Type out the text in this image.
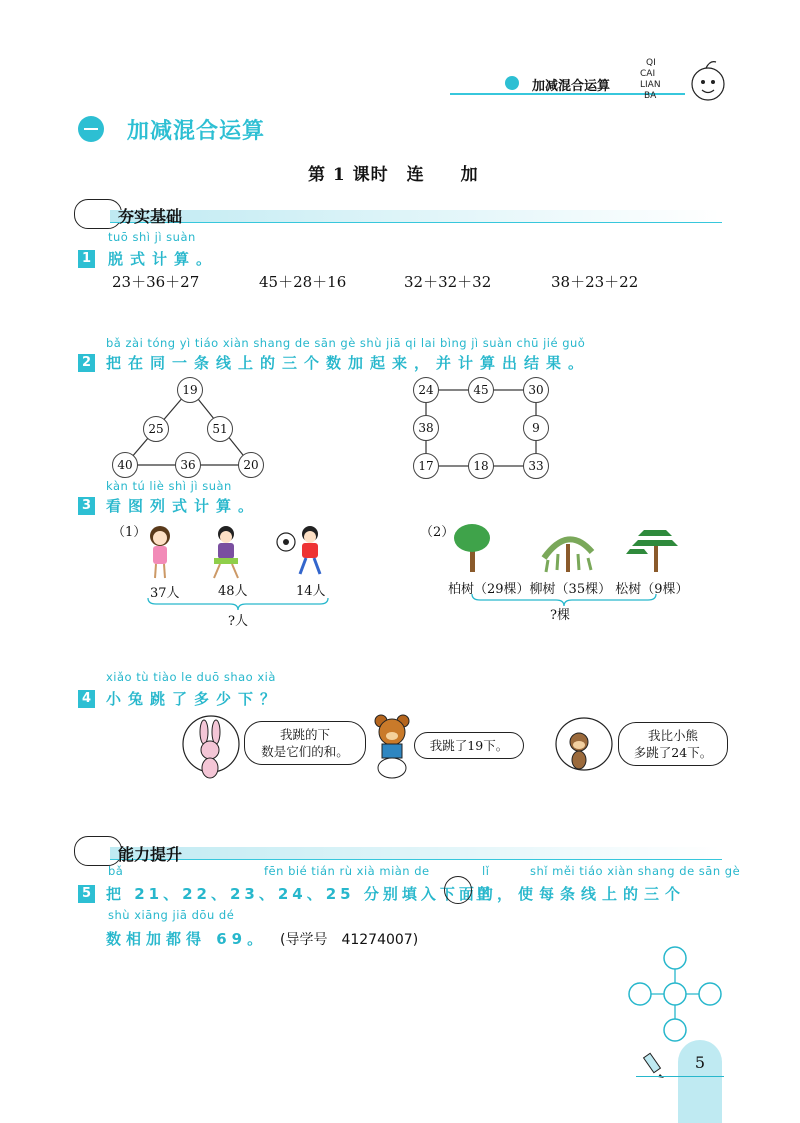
加减混合运算
QI
CAI
LIAN
BA
加减混合运算
第 1 课时　连　　加
夯实基础
tuō shì jì suàn
1 脱式计算。
23＋36＋27	45＋28＋16	32＋32＋32	38＋23＋22
bǎ zài tóng yì tiáo xiàn shang de sān gè shù jiā qi lai bìng jì suàn chū jié guǒ
2 把在同一条线上的三个数加起来，并计算出结果。
19
25	51
40	36	20
24	45	30
38	9
17	18	33
kàn tú liè shì jì suàn
3 看图列式计算。
（1）
37人	48人	14人
?人
（2）
柏树（29棵）柳树（35棵） 松树（9棵）
?棵
xiǎo tù tiào le duō shao xià
4 小兔跳了多少下？
我跳的下
数是它们的和。	我跳了19下。
我比小熊
多跳了24下。
能力提升
bǎ	fēn bié tián rù xià miàn de	lǐ	shǐ měi tiáo xiàn shang de sān gè
5 把 21、22、23、24、25 分别填入下面的
里，使每条线上的三个
shù xiāng jiā dōu dé
数相加都得 69。 (导学号　41274007)
5
